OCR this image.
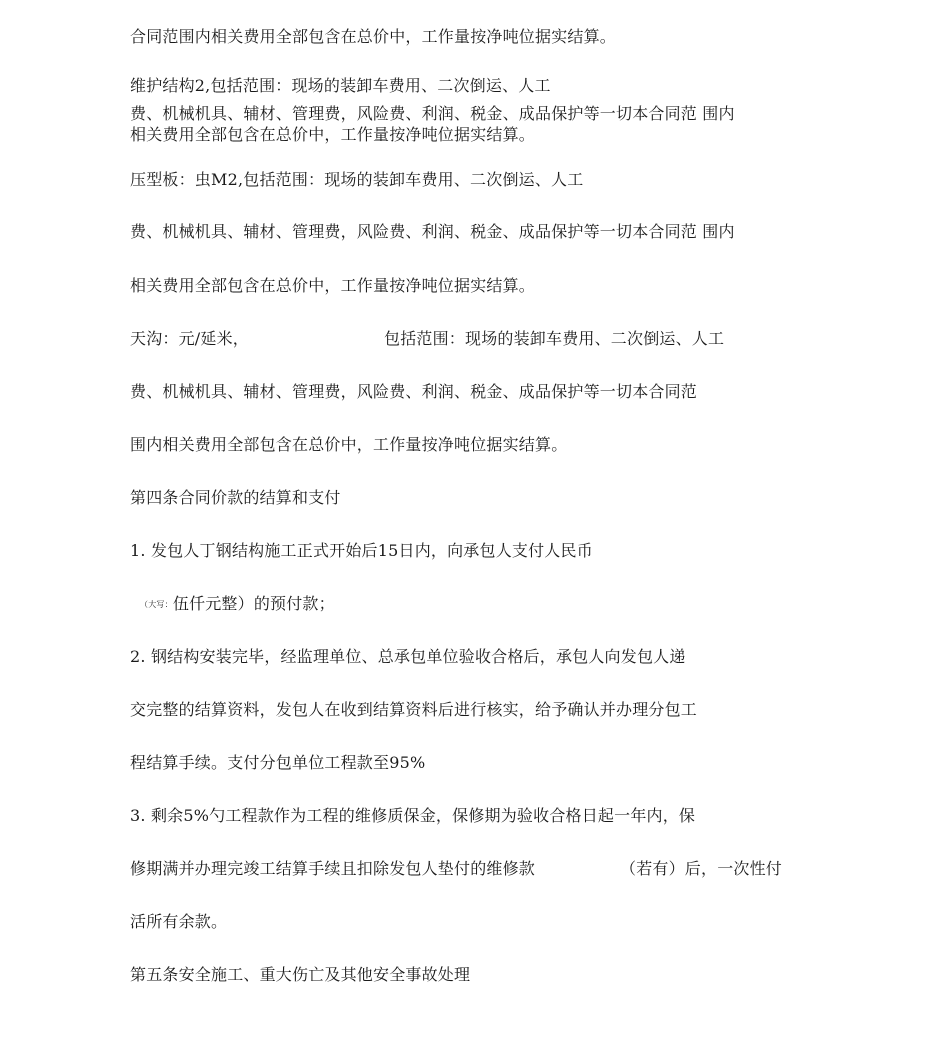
合同范围内相关费用全部包含在总价中，工作量按净吨位据实结算。
维护结构2,包括范围：现场的装卸车费用、二次倒运、人工
费、机械机具、辅材、管理费，风险费、利润、税金、成品保护等一切本合同范 围内
相关费用全部包含在总价中，工作量按净吨位据实结算。
压型板：虫M2,包括范围：现场的装卸车费用、二次倒运、人工
费、机械机具、辅材、管理费，风险费、利润、税金、成品保护等一切本合同范 围内
相关费用全部包含在总价中，工作量按净吨位据实结算。
天沟：元/延米，	包括范围：现场的装卸车费用、二次倒运、人工
费、机械机具、辅材、管理费，风险费、利润、税金、成品保护等一切本合同范
围内相关费用全部包含在总价中，工作量按净吨位据实结算。
第四条合同价款的结算和支付
1. 发包人丁钢结构施工正式开始后15日内，向承包人支付人民币
（大写：伍仟元整）的预付款；
2. 钢结构安装完毕，经监理单位、总承包单位验收合格后，承包人向发包人递
交完整的结算资料，发包人在收到结算资料后进行核实，给予确认并办理分包工
程结算手续。支付分包单位工程款至95%
3. 剩余5%勺工程款作为工程的维修质保金，保修期为验收合格日起一年内，保
修期满并办理完竣工结算手续且扣除发包人垫付的维修款	（若有）后，一次性付
活所有余款。
第五条安全施工、重大伤亡及其他安全事故处理
